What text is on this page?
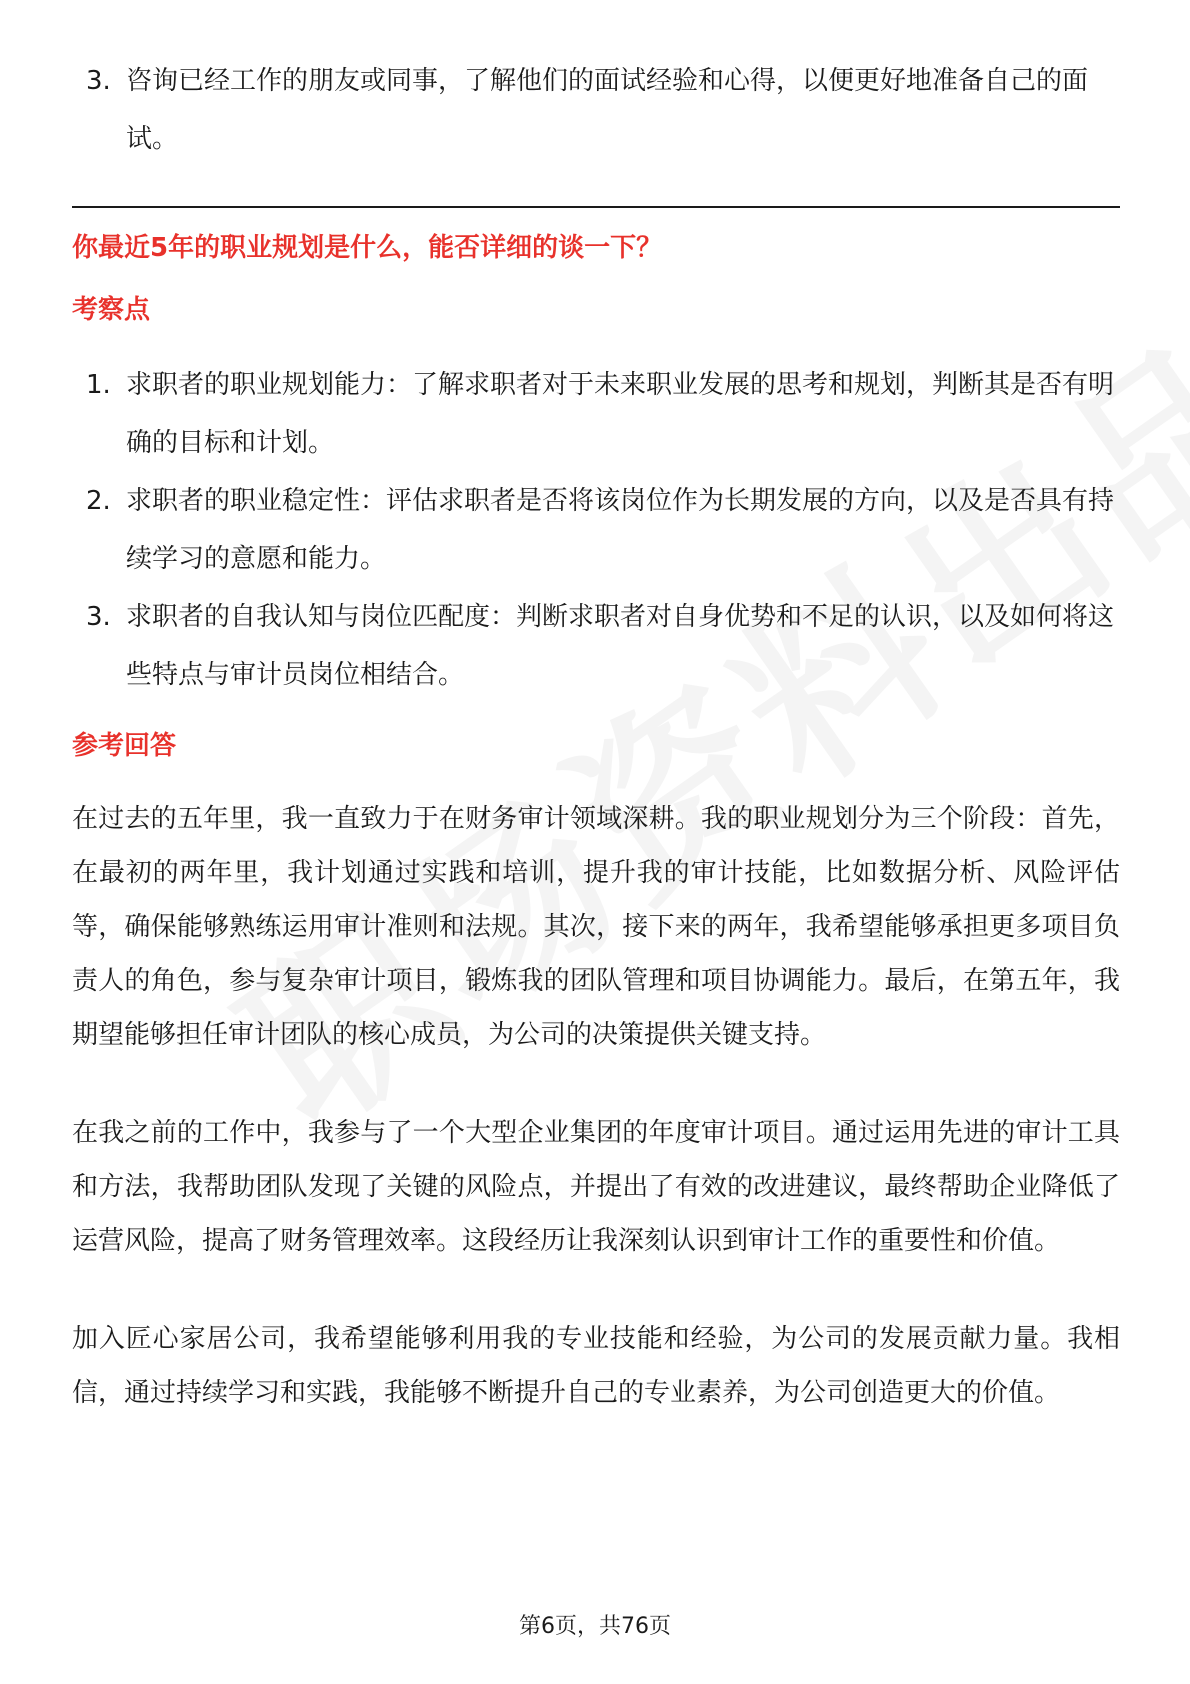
3. 咨询已经工作的朋友或同事，了解他们的面试经验和心得，以便更好地准备自己的面试。
你最近5年的职业规划是什么，能否详细的谈一下？
考察点
1. 求职者的职业规划能力：了解求职者对于未来职业发展的思考和规划，判断其是否有明确的目标和计划。
2. 求职者的职业稳定性：评估求职者是否将该岗位作为长期发展的方向，以及是否具有持续学习的意愿和能力。
3. 求职者的自我认知与岗位匹配度：判断求职者对自身优势和不足的认识，以及如何将这些特点与审计员岗位相结合。
参考回答

在过去的五年里，我一直致力于在财务审计领域深耕。我的职业规划分为三个阶段：首先，在最初的两年里，我计划通过实践和培训，提升我的审计技能，比如数据分析、风险评估等，确保能够熟练运用审计准则和法规。其次，接下来的两年，我希望能够承担更多项目负责人的角色，参与复杂审计项目，锻炼我的团队管理和项目协调能力。最后，在第五年，我期望能够担任审计团队的核心成员，为公司的决策提供关键支持。

在我之前的工作中，我参与了一个大型企业集团的年度审计项目。通过运用先进的审计工具和方法，我帮助团队发现了关键的风险点，并提出了有效的改进建议，最终帮助企业降低了运营风险，提高了财务管理效率。这段经历让我深刻认识到审计工作的重要性和价值。

加入匠心家居公司，我希望能够利用我的专业技能和经验，为公司的发展贡献力量。我相信，通过持续学习和实践，我能够不断提升自己的专业素养，为公司创造更大的价值。

第6页，共76页
